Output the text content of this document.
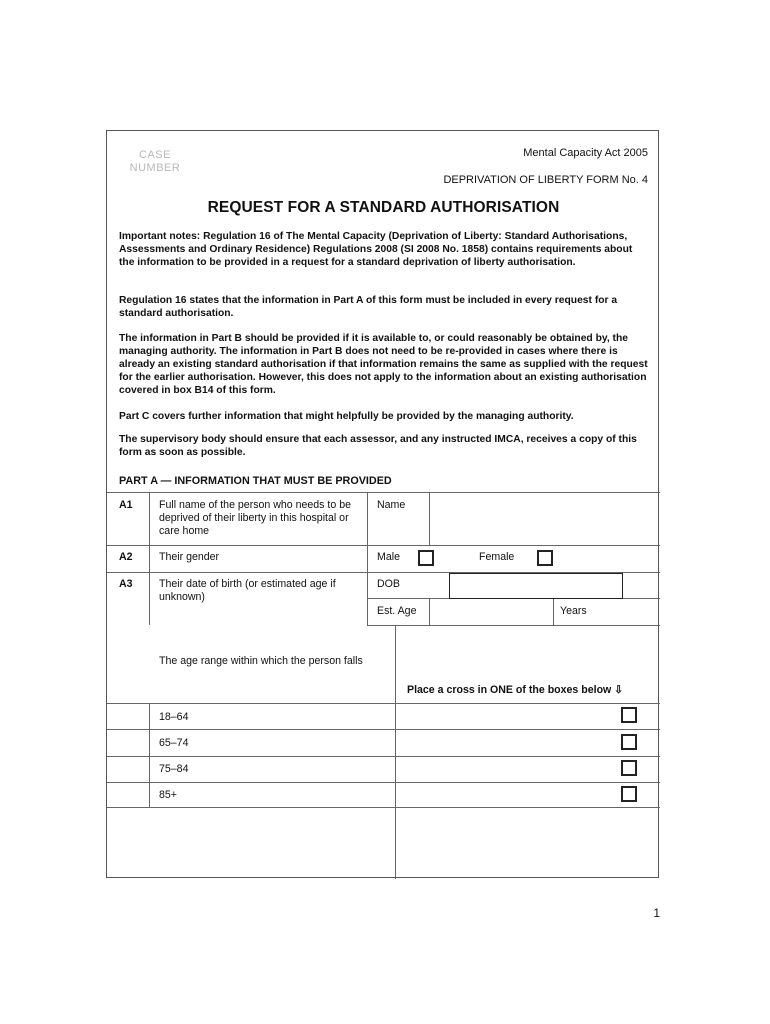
CASE
NUMBER
Mental Capacity Act 2005
DEPRIVATION OF LIBERTY FORM No. 4
REQUEST FOR A STANDARD AUTHORISATION
Important notes: Regulation 16 of The Mental Capacity (Deprivation of Liberty: Standard Authorisations, Assessments and Ordinary Residence) Regulations 2008 (SI 2008 No. 1858) contains requirements about the information to be provided in a request for a standard deprivation of liberty authorisation.
Regulation 16 states that the information in Part A of this form must be included in every request for a standard authorisation.
The information in Part B should be provided if it is available to, or could reasonably be obtained by, the managing authority. The information in Part B does not need to be re-provided in cases where there is already an existing standard authorisation if that information remains the same as supplied with the request for the earlier authorisation. However, this does not apply to the information about an existing authorisation covered in box B14 of this form.
Part C covers further information that might helpfully be provided by the managing authority.
The supervisory body should ensure that each assessor, and any instructed IMCA, receives a copy of this form as soon as possible.
PART A — INFORMATION THAT MUST BE PROVIDED
A1 Full name of the person who needs to be deprived of their liberty in this hospital or care home
Name
A2 Their gender	Male	Female
A3 Their date of birth (or estimated age if unknown)
DOB
Est. Age	Years
The age range within which the person falls
Place a cross in ONE of the boxes below ⇩
18–64
65–74
75–84
85+
1
